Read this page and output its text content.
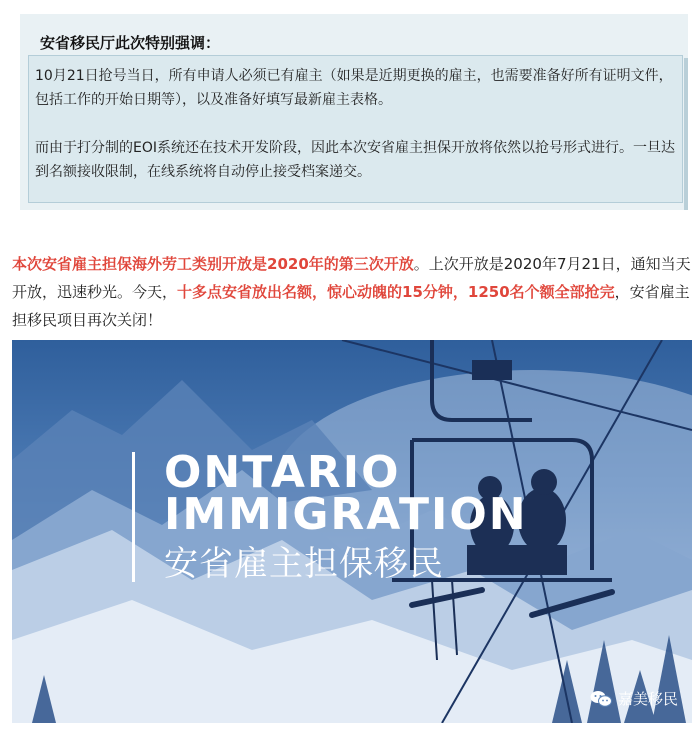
安省移民厅此次特别强调：

10月21日抢号当日，所有申请人必须已有雇主（如果是近期更换的雇主，也需要准备好所有证明文件，包括工作的开始日期等），以及准备好填写最新雇主表格。

而由于打分制的EOI系统还在技术开发阶段，因此本次安省雇主担保开放将依然以抢号形式进行。一旦达到名额接收限制，在线系统将自动停止接受档案递交。

本次安省雇主担保海外劳工类别开放是2020年的第三次开放。上次开放是2020年7月21日，通知当天开放，迅速秒光。今天，十多点安省放出名额，惊心动魄的15分钟，1250名个额全部抢完，安省雇主担移民项目再次关闭！
ONTARIO
IMMIGRATION
安省雇主担保移民
嘉美移民
